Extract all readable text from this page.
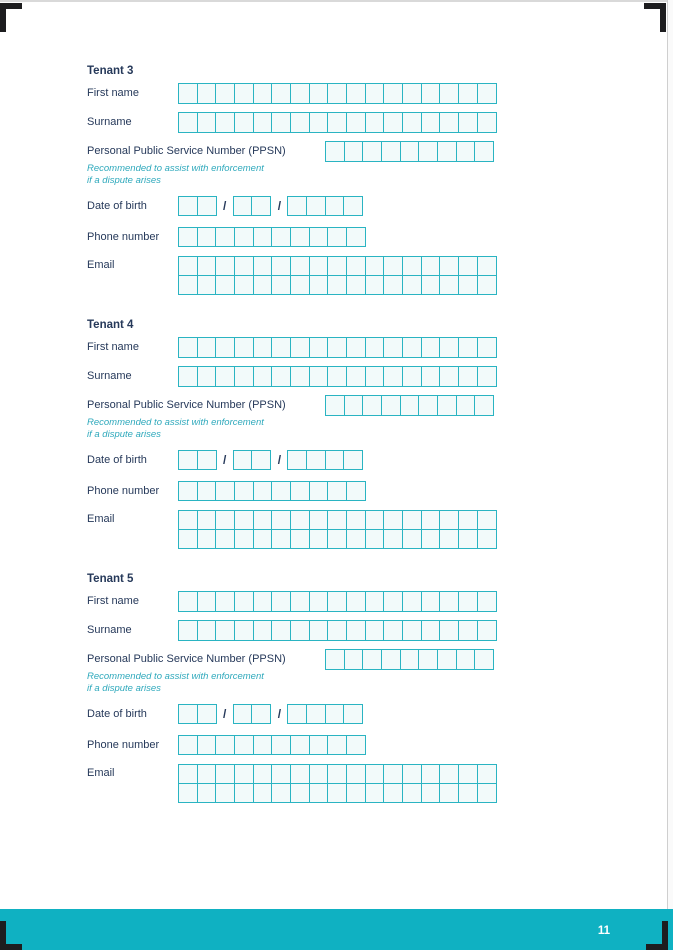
Tenant 3
First name
Surname
Personal Public Service Number (PPSN)
Recommended to assist with enforcement
if a dispute arises
Date of birth	/	/
Phone number
Email
Tenant 4
First name
Surname
Personal Public Service Number (PPSN)
Recommended to assist with enforcement
if a dispute arises
Date of birth	/	/
Phone number
Email
Tenant 5
First name
Surname
Personal Public Service Number (PPSN)
Recommended to assist with enforcement
if a dispute arises
Date of birth	/	/
Phone number
Email
11
